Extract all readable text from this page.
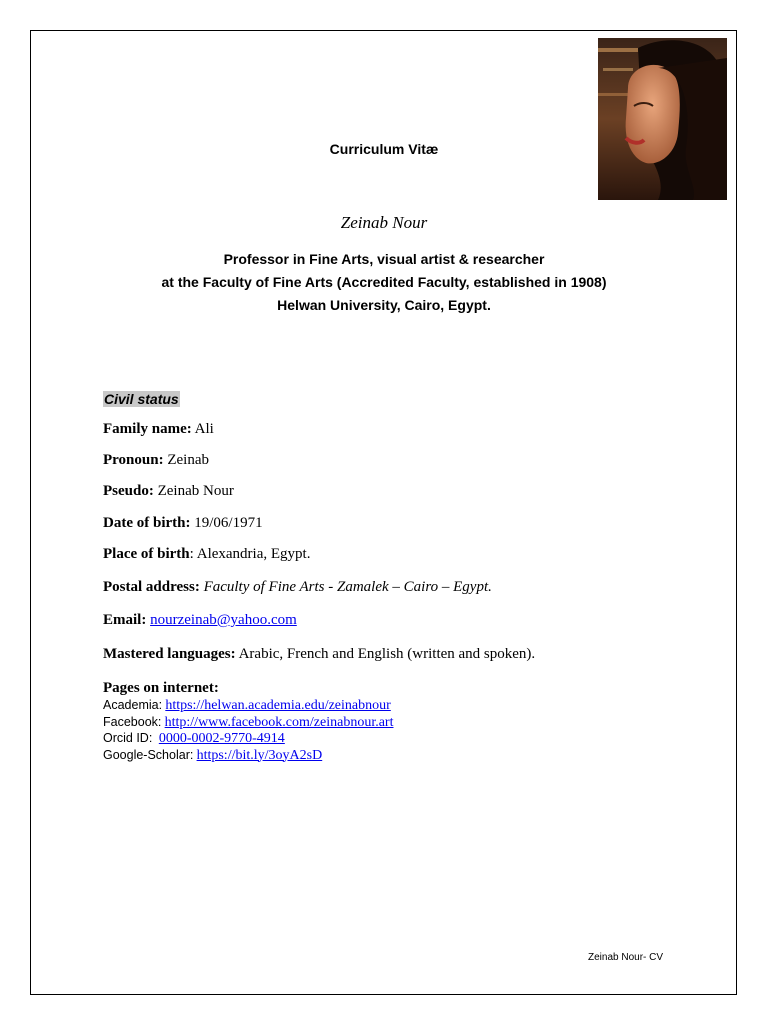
Curriculum Vitæ
Zeinab Nour
Professor in Fine Arts, visual artist & researcher
at the Faculty of Fine Arts (Accredited Faculty, established in 1908)
Helwan University, Cairo, Egypt.
Civil status
Family name: Ali
Pronoun: Zeinab
Pseudo: Zeinab Nour
Date of birth: 19/06/1971
Place of birth: Alexandria, Egypt.
Postal address: Faculty of Fine Arts - Zamalek – Cairo – Egypt.
Email: nourzeinab@yahoo.com
Mastered languages: Arabic, French and English (written and spoken).
Pages on internet:
Academia: https://helwan.academia.edu/zeinabnour
Facebook: http://www.facebook.com/zeinabnour.art
Orcid ID: 0000-0002-9770-4914
Google-Scholar: https://bit.ly/3oyA2sD
Zeinab Nour- CV
